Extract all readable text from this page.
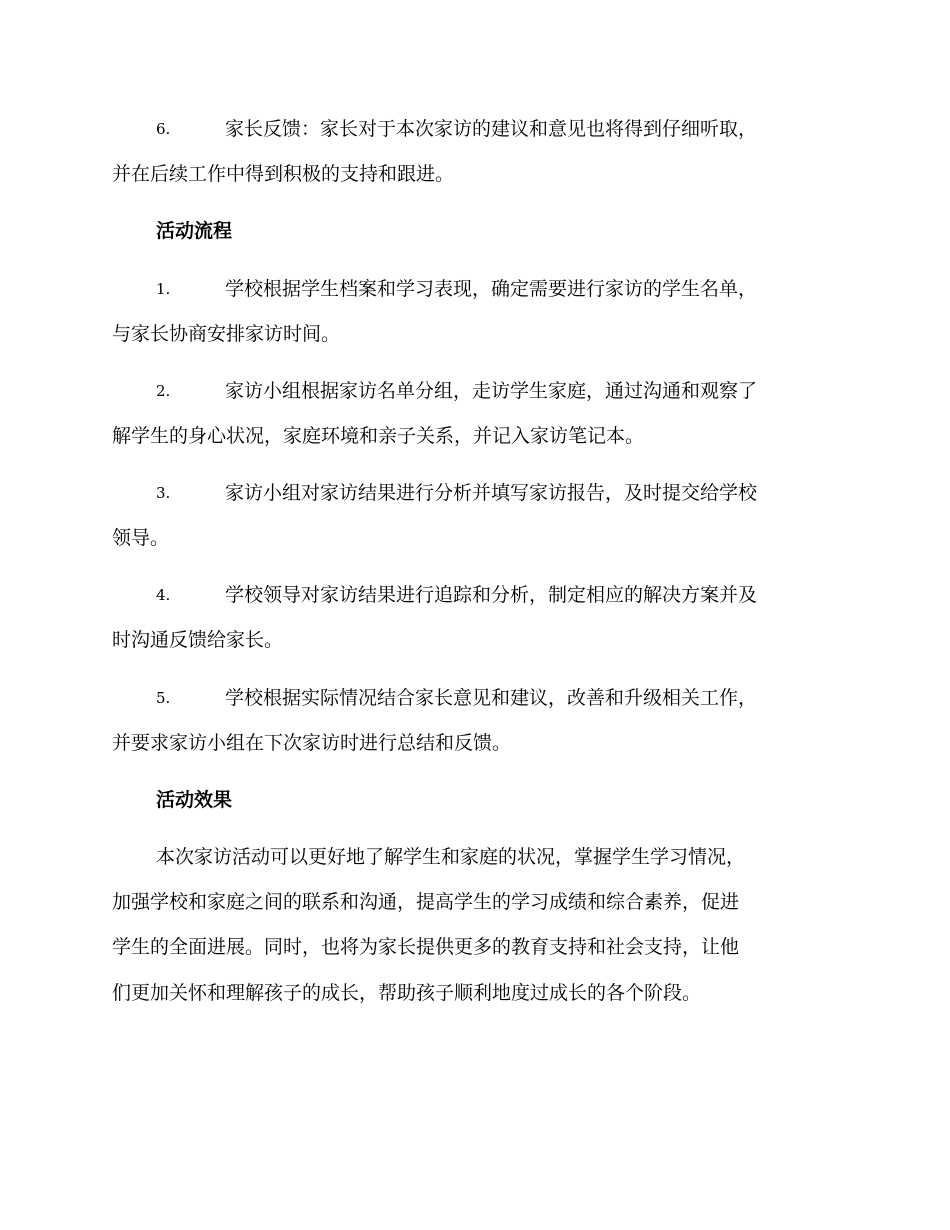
6.	家长反馈：家长对于本次家访的建议和意见也将得到仔细听取，
并在后续工作中得到积极的支持和跟进。
活动流程
1.	学校根据学生档案和学习表现，确定需要进行家访的学生名单，
与家长协商安排家访时间。
2.	家访小组根据家访名单分组，走访学生家庭，通过沟通和观察了
解学生的身心状况，家庭环境和亲子关系，并记入家访笔记本。
3.	家访小组对家访结果进行分析并填写家访报告，及时提交给学校
领导。
4.	学校领导对家访结果进行追踪和分析，制定相应的解决方案并及
时沟通反馈给家长。
5.	学校根据实际情况结合家长意见和建议，改善和升级相关工作，
并要求家访小组在下次家访时进行总结和反馈。
活动效果
本次家访活动可以更好地了解学生和家庭的状况，掌握学生学习情况，
加强学校和家庭之间的联系和沟通，提高学生的学习成绩和综合素养，促进
学生的全面进展。同时，也将为家长提供更多的教育支持和社会支持，让他
们更加关怀和理解孩子的成长，帮助孩子顺利地度过成长的各个阶段。
